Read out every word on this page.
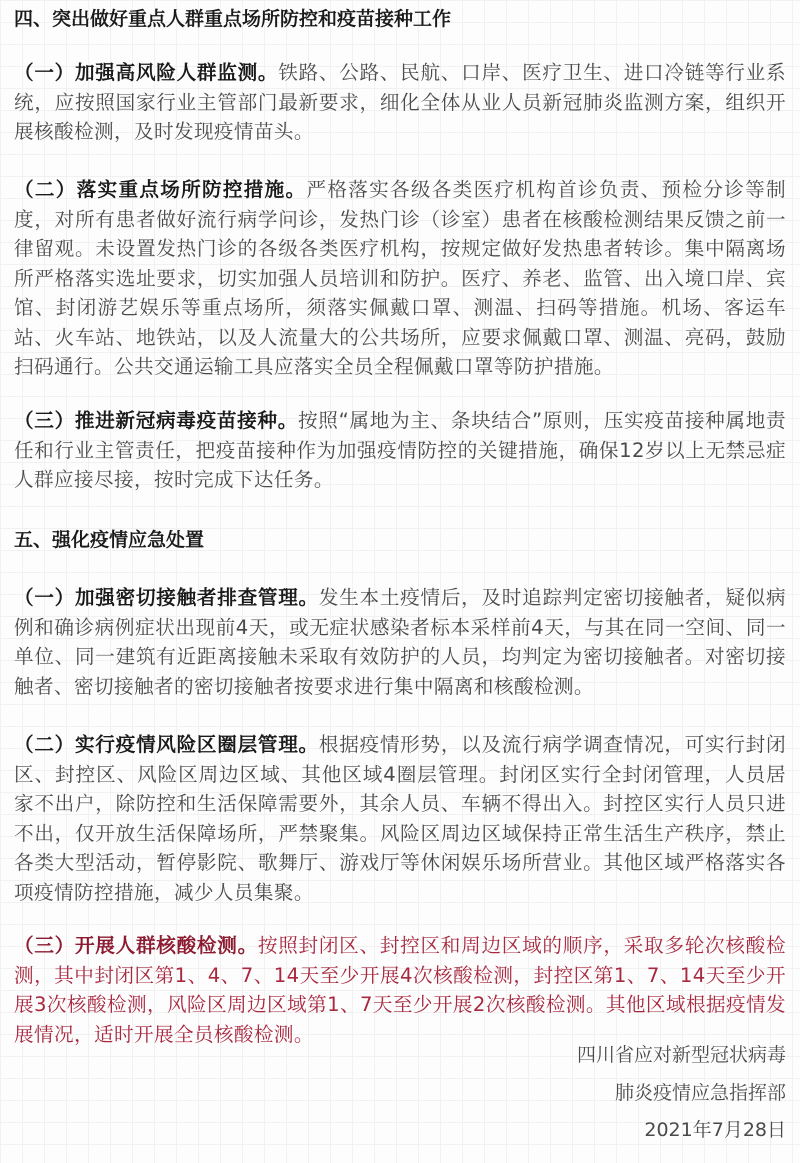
四、突出做好重点人群重点场所防控和疫苗接种工作

（一）加强高风险人群监测。铁路、公路、民航、口岸、医疗卫生、进口冷链等行业系统，应按照国家行业主管部门最新要求，细化全体从业人员新冠肺炎监测方案，组织开展核酸检测，及时发现疫情苗头。

（二）落实重点场所防控措施。严格落实各级各类医疗机构首诊负责、预检分诊等制度，对所有患者做好流行病学问诊，发热门诊（诊室）患者在核酸检测结果反馈之前一律留观。未设置发热门诊的各级各类医疗机构，按规定做好发热患者转诊。集中隔离场所严格落实选址要求，切实加强人员培训和防护。医疗、养老、监管、出入境口岸、宾馆、封闭游艺娱乐等重点场所，须落实佩戴口罩、测温、扫码等措施。机场、客运车站、火车站、地铁站，以及人流量大的公共场所，应要求佩戴口罩、测温、亮码，鼓励扫码通行。公共交通运输工具应落实全员全程佩戴口罩等防护措施。

（三）推进新冠病毒疫苗接种。按照“属地为主、条块结合”原则，压实疫苗接种属地责任和行业主管责任，把疫苗接种作为加强疫情防控的关键措施，确保12岁以上无禁忌症人群应接尽接，按时完成下达任务。

五、强化疫情应急处置

（一）加强密切接触者排查管理。发生本土疫情后，及时追踪判定密切接触者，疑似病例和确诊病例症状出现前4天，或无症状感染者标本采样前4天，与其在同一空间、同一单位、同一建筑有近距离接触未采取有效防护的人员，均判定为密切接触者。对密切接触者、密切接触者的密切接触者按要求进行集中隔离和核酸检测。

（二）实行疫情风险区圈层管理。根据疫情形势，以及流行病学调查情况，可实行封闭区、封控区、风险区周边区域、其他区域4圈层管理。封闭区实行全封闭管理，人员居家不出户，除防控和生活保障需要外，其余人员、车辆不得出入。封控区实行人员只进不出，仅开放生活保障场所，严禁聚集。风险区周边区域保持正常生活生产秩序，禁止各类大型活动，暂停影院、歌舞厅、游戏厅等休闲娱乐场所营业。其他区域严格落实各项疫情防控措施，减少人员集聚。

（三）开展人群核酸检测。按照封闭区、封控区和周边区域的顺序，采取多轮次核酸检测，其中封闭区第1、4、7、14天至少开展4次核酸检测，封控区第1、7、14天至少开展3次核酸检测，风险区周边区域第1、7天至少开展2次核酸检测。其他区域根据疫情发展情况，适时开展全员核酸检测。

四川省应对新型冠状病毒
肺炎疫情应急指挥部
2021年7月28日
